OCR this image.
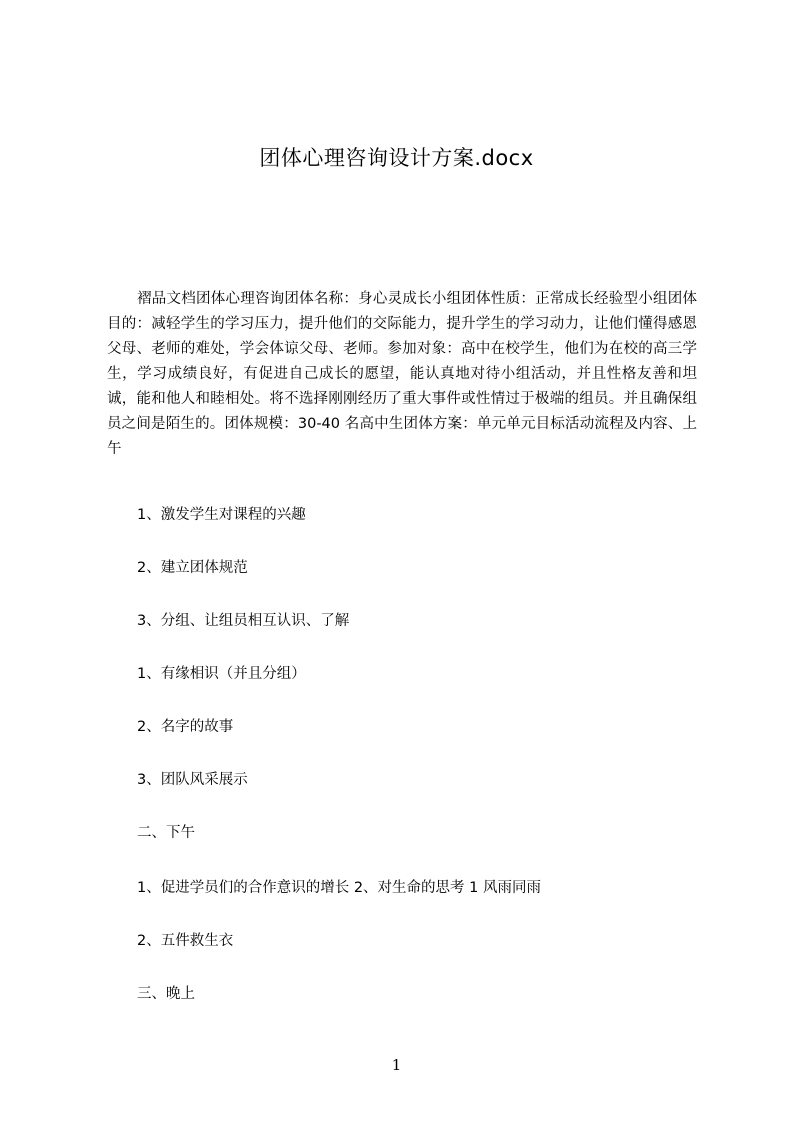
团体心理咨询设计方案.docx

褶品文档团体心理咨询团体名称：身心灵成长小组团体性质：正常成长经验型小组团体目的：减轻学生的学习压力，提升他们的交际能力，提升学生的学习动力，让他们懂得感恩父母、老师的难处，学会体谅父母、老师。参加对象：高中在校学生，他们为在校的高三学生，学习成绩良好，有促进自己成长的愿望，能认真地对待小组活动，并且性格友善和坦诚，能和他人和睦相处。将不选择刚刚经历了重大事件或性情过于极端的组员。并且确保组员之间是陌生的。团体规模：30-40 名高中生团体方案：单元单元目标活动流程及内容、上午

1、激发学生对课程的兴趣
2、建立团体规范
3、分组、让组员相互认识、了解
1、有缘相识（并且分组）
2、名字的故事
3、团队风采展示
二、下午
1、促进学员们的合作意识的增长 2、对生命的思考 1 风雨同雨
2、五件救生衣
三、晚上
1
